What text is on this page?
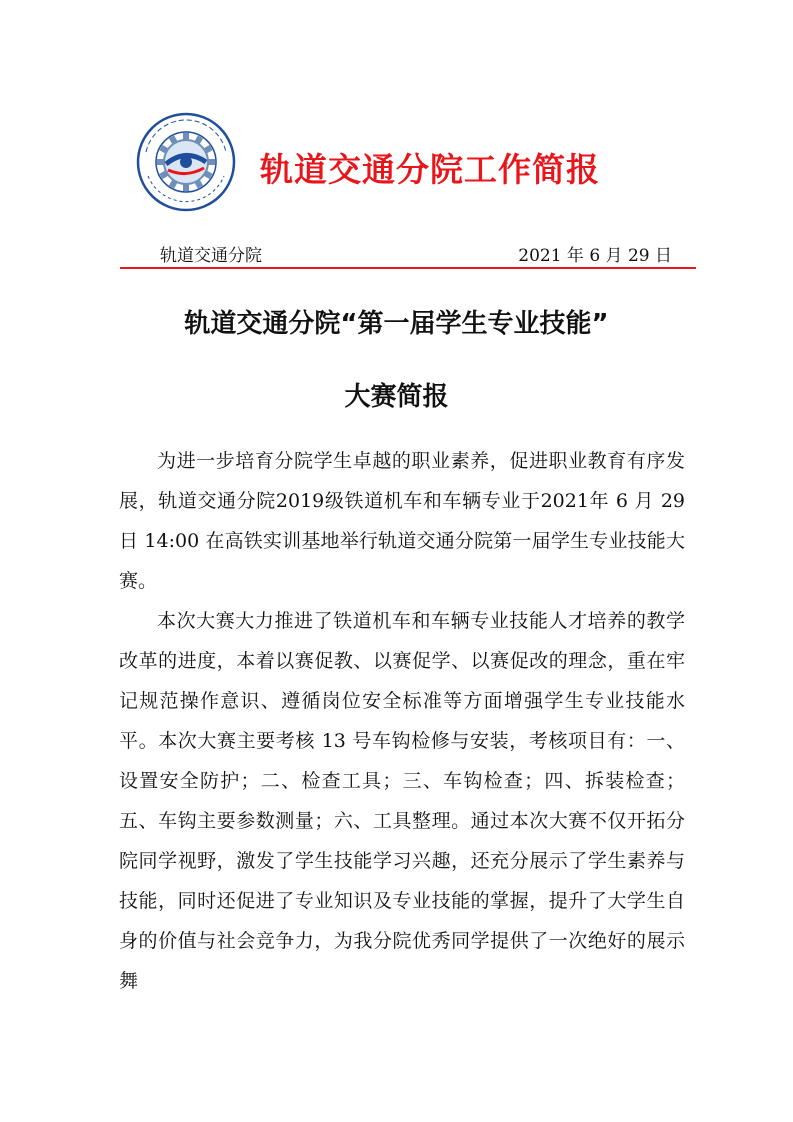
轨道交通分院工作简报
轨道交通分院	2021 年 6 月 29 日
轨道交通分院“第一届学生专业技能”
大赛简报

为进一步培育分院学生卓越的职业素养，促进职业教育有序发展，轨道交通分院2019级铁道机车和车辆专业于2021年 6 月 29 日 14:00 在高铁实训基地举行轨道交通分院第一届学生专业技能大赛。

本次大赛大力推进了铁道机车和车辆专业技能人才培养的教学改革的进度，本着以赛促教、以赛促学、以赛促改的理念，重在牢记规范操作意识、遵循岗位安全标准等方面增强学生专业技能水平。本次大赛主要考核 13 号车钩检修与安装，考核项目有：一、设置安全防护；二、检查工具；三、车钩检查；四、拆装检查；五、车钩主要参数测量；六、工具整理。通过本次大赛不仅开拓分院同学视野，激发了学生技能学习兴趣，还充分展示了学生素养与技能，同时还促进了专业知识及专业技能的掌握，提升了大学生自身的价值与社会竞争力，为我分院优秀同学提供了一次绝好的展示舞
